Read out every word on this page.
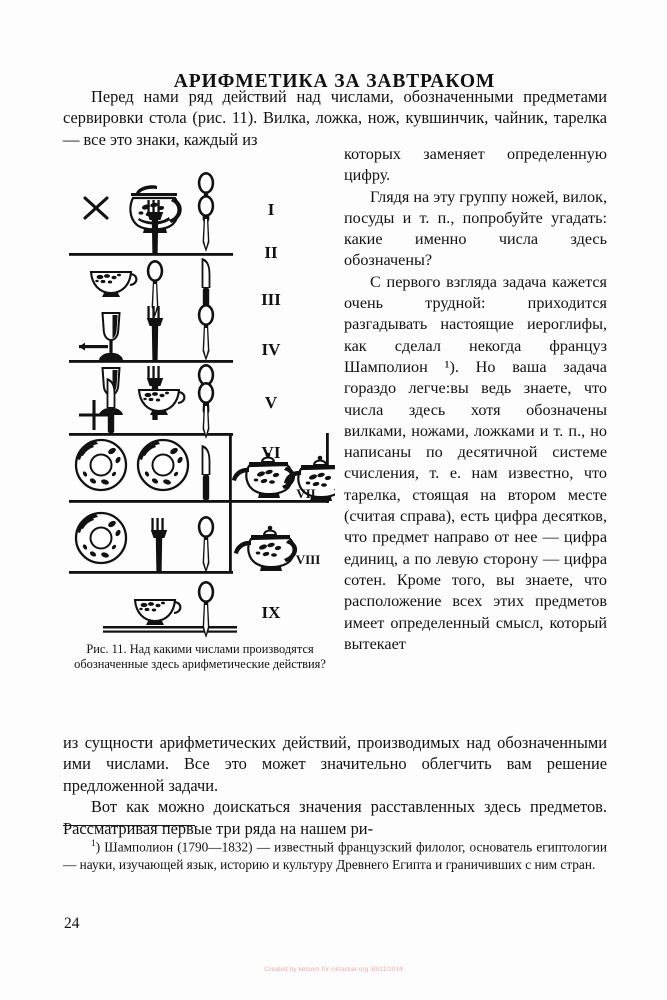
АРИФМЕТИКА ЗА ЗАВТРАКОМ
Перед нами ряд действий над числами, обозначенными предметами сервировки стола (рис. 11). Вилка, ложка, нож, кувшинчик, чайник, тарелка — все это знаки, каждый из
I
II
III
IV
V
VI
VII
VIII
IX
Рис. 11. Над какими числами производятся обозначенные здесь арифметические действия?

которых заменяет определенную цифру.

Глядя на эту группу ножей, вилок, посуды и т. п., попробуйте угадать: какие именно числа здесь обозначены?

С первого взгляда задача кажется очень трудной: приходится разгадывать настоящие иероглифы, как сделал некогда француз Шамполион ¹). Но ваша задача гораздо легче:вы ведь знаете, что числа здесь хотя обозначены вилками, ножами, ложками и т. п., но написаны по десятичной системе счисления, т. е. нам известно, что тарелка, стоящая на втором месте (считая справа), есть цифра десятков, что предмет направо от нее — цифра единиц, а по левую сторону — цифра сотен. Кроме того, вы знаете, что расположение всех этих предметов имеет определенный смысл, который вытекает

из сущности арифметических действий, производимых над обозначенными ими числами. Все это может значительно облегчить вам решение предложенной задачи.

Вот как можно доискаться значения расставленных здесь предметов. Рассматривая первые три ряда на нашем ри-

$^1$) Шамполион (1790—1832) — известный французский филолог, основатель египтологии — науки, изучающей язык, историю и культуру Древнего Египта и граничивших с ним стран.
24
Created by ketsom for rutracker.org 30/11/2014
